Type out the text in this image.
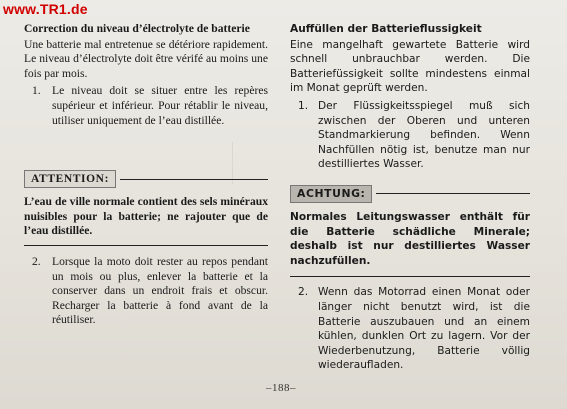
www.TR1.de
Correction du niveau d’électrolyte de batterie

Une batterie mal entretenue se détériore rapidement. Le niveau d’électrolyte doit être vérifé au moins une fois par mois.

1. Le niveau doit se situer entre les repères supérieur et inférieur. Pour rétablir le niveau, utiliser uniquement de l’eau distillée.
ATTENTION:
L’eau de ville normale contient des sels minéraux nuisibles pour la batterie; ne rajouter que de l’eau distillée.
2. Lorsque la moto doit rester au repos pendant un mois ou plus, enlever la batterie et la conserver dans un endroit frais et obscur. Recharger la batterie à fond avant de la réutiliser.
Auffüllen der Batterieflussigkeit

Eine mangelhaft gewartete Batterie wird schnell unbrauchbar werden. Die Batteriefüssigkeit sollte mindestens einmal im Monat geprüft werden.

1. Der Flüssigkeitsspiegel muß sich zwischen der Oberen und unteren Standmarkierung befinden. Wenn Nachfüllen nötig ist, benutze man nur destilliertes Wasser.
ACHTUNG:
Normales Leitungswasser enthält für die Batterie schädliche Minerale; deshalb ist nur destilliertes Wasser nachzufüllen.
2. Wenn das Motorrad einen Monat oder länger nicht benutzt wird, ist die Batterie auszubauen und an einem kühlen, dunklen Ort zu lagern. Vor der Wiederbenutzung, Batterie völlig wiederaufladen.
–188–
